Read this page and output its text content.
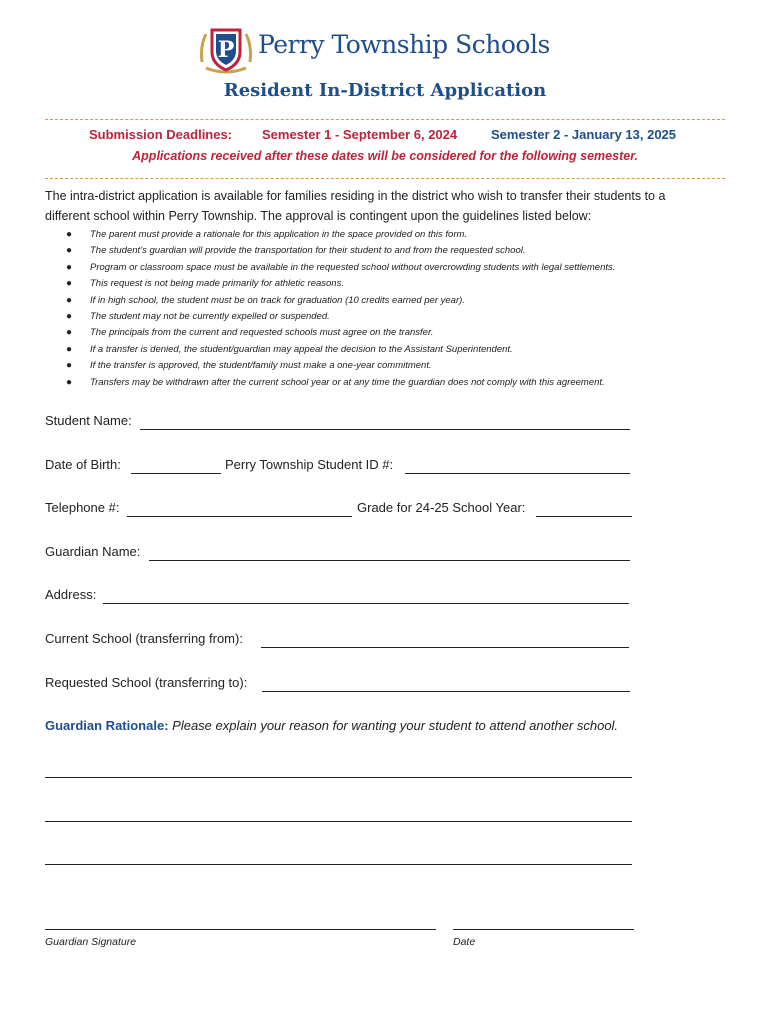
P Perry Township Schools
Resident In-District Application
Submission Deadlines: Semester 1 - September 6, 2024	Semester 2 - January 13, 2025
Applications received after these dates will be considered for the following semester.
The intra-district application is available for families residing in the district who wish to transfer their students to a different school within Perry Township. The approval is contingent upon the guidelines listed below:
● The parent must provide a rationale for this application in the space provided on this form.
● The student’s guardian will provide the transportation for their student to and from the requested school.
● Program or classroom space must be available in the requested school without overcrowding students with legal settlements.
● This request is not being made primarily for athletic reasons.
● If in high school, the student must be on track for graduation (10 credits earned per year).
● The student may not be currently expelled or suspended.
● The principals from the current and requested schools must agree on the transfer.
● If a transfer is denied, the student/guardian may appeal the decision to the Assistant Superintendent.
● If the transfer is approved, the student/family must make a one-year commitment.
● Transfers may be withdrawn after the current school year or at any time the guardian does not comply with this agreement.
Student Name:
Date of Birth:	Perry Township Student ID #:
Telephone #:	Grade for 24-25 School Year:
Guardian Name:
Address:
Current School (transferring from):
Requested School (transferring to):
Guardian Rationale: Please explain your reason for wanting your student to attend another school.
Guardian Signature	Date
